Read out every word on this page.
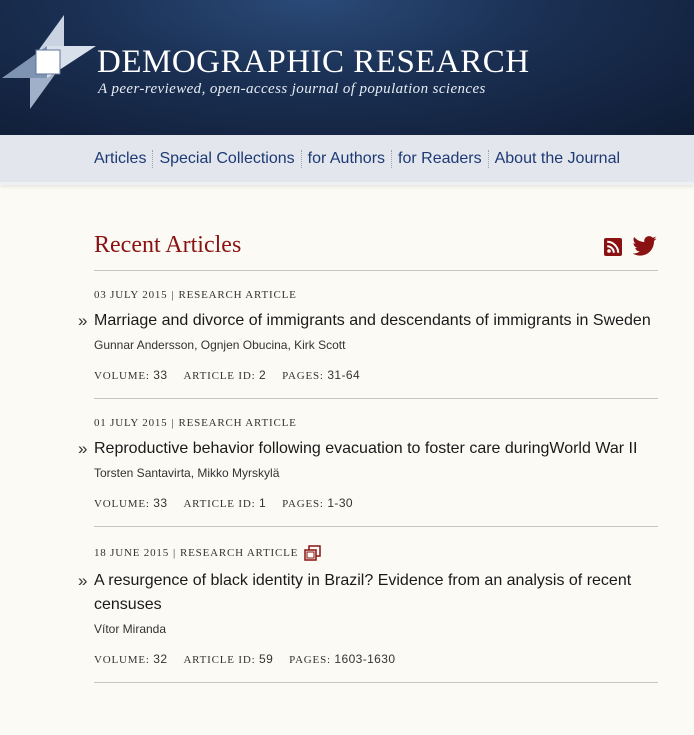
DEMOGRAPHIC RESEARCH
A peer-reviewed, open-access journal of population sciences
Articles Special Collections for Authors for Readers About the Journal
Recent Articles
03 JULY 2015 | RESEARCH ARTICLE
» Marriage and divorce of immigrants and descendants of immigrants in Sweden
Gunnar Andersson, Ognjen Obucina, Kirk Scott
VOLUME: 33 ARTICLE ID: 2 PAGES: 31-64
01 JULY 2015 | RESEARCH ARTICLE
» Reproductive behavior following evacuation to foster care duringWorld War II
Torsten Santavirta, Mikko Myrskylä
VOLUME: 33 ARTICLE ID: 1 PAGES: 1-30
18 JUNE 2015 | RESEARCH ARTICLE
» A resurgence of black identity in Brazil? Evidence from an analysis of recent censuses
Vítor Miranda
VOLUME: 32 ARTICLE ID: 59 PAGES: 1603-1630
